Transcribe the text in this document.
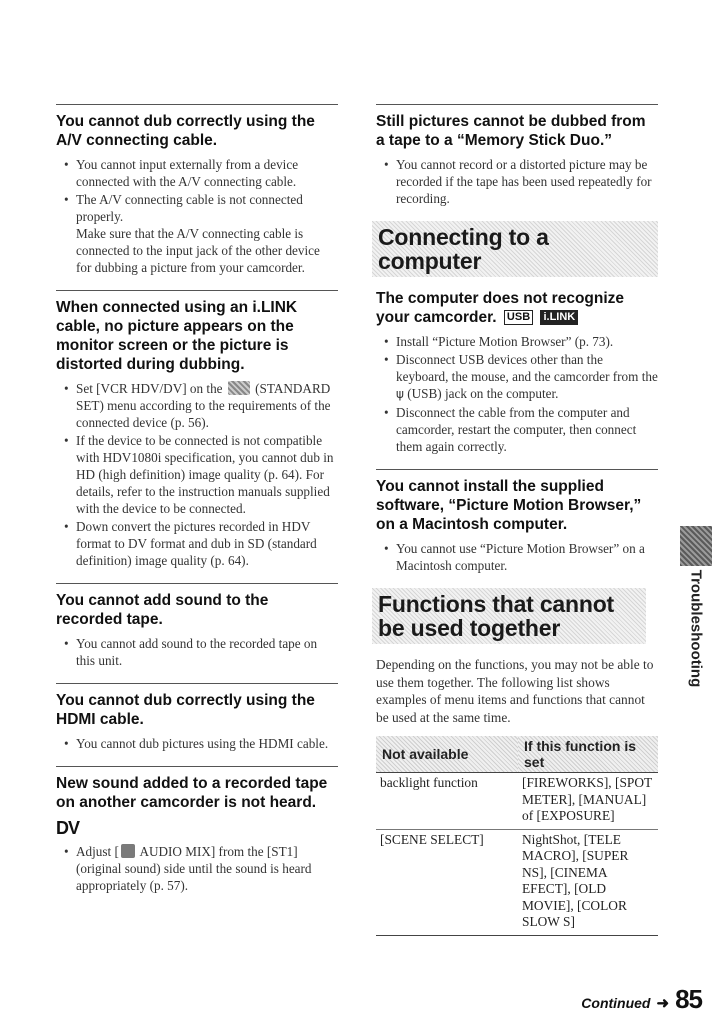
You cannot dub correctly using the A/V connecting cable.
• You cannot input externally from a device connected with the A/V connecting cable.
• The A/V connecting cable is not connected properly.
Make sure that the A/V connecting cable is connected to the input jack of the other device for dubbing a picture from your camcorder.
When connected using an i.LINK cable, no picture appears on the monitor screen or the picture is distorted during dubbing.
• Set [VCR HDV/DV] on the (STANDARD SET) menu according to the requirements of the connected device (p. 56).
• If the device to be connected is not compatible with HDV1080i specification, you cannot dub in HD (high definition) image quality (p. 64). For details, refer to the instruction manuals supplied with the device to be connected.
• Down convert the pictures recorded in HDV format to DV format and dub in SD (standard definition) image quality (p. 64).
You cannot add sound to the recorded tape.
• You cannot add sound to the recorded tape on this unit.
You cannot dub correctly using the HDMI cable.
• You cannot dub pictures using the HDMI cable.
New sound added to a recorded tape on another camcorder is not heard.
DV
• Adjust [ AUDIO MIX] from the [ST1] (original sound) side until the sound is heard appropriately (p. 57).
Still pictures cannot be dubbed from a tape to a “Memory Stick Duo.”
• You cannot record or a distorted picture may be recorded if the tape has been used repeatedly for recording.
Connecting to a computer
The computer does not recognize your camcorder. USB i.LINK
• Install “Picture Motion Browser” (p. 73).
• Disconnect USB devices other than the keyboard, the mouse, and the camcorder from the ψ (USB) jack on the computer.
• Disconnect the cable from the computer and camcorder, restart the computer, then connect them again correctly.
You cannot install the supplied software, “Picture Motion Browser,” on a Macintosh computer.
• You cannot use “Picture Motion Browser” on a Macintosh computer.
Functions that cannot be used together

Depending on the functions, you may not be able to use them together. The following list shows examples of menu items and functions that cannot be used at the same time.

Not available	If this function is set
backlight function	[FIREWORKS], [SPOT METER], [MANUAL] of [EXPOSURE]
[SCENE SELECT]	NightShot, [TELE MACRO], [SUPER NS], [CINEMA EFECT], [OLD MOVIE], [COLOR SLOW S]
Troubleshooting
Continued ➜ 85
